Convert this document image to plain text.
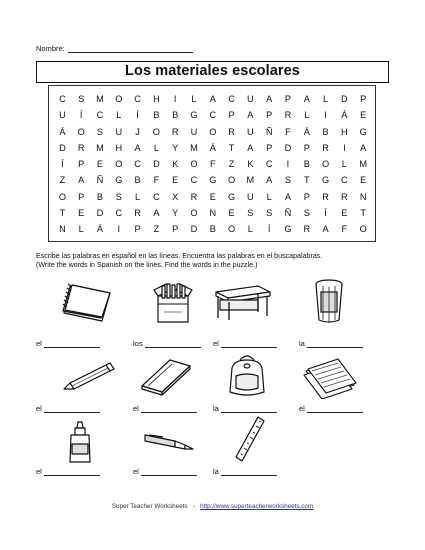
Nombre:
Los materiales escolares
C	S	M	O	C	H	I	L	A	C	U	A	P	A	L	D	P
U	Í	C	L	Í	B	B	G	C	P	A	P	R	L	I	Á	E
Á	O	S	U	J	O	R	U	O	R	U	Ñ	F	Á	B	H	G
D	R	M	H	A	L	Y	M	Á	T	A	P	D	P	R	I	A
Í	P	E	O	C	D	K	O	F	Z	K	C	I	B	O	L	M
Z	A	Ñ	G	B	F	E	C	G	O	M	A	S	T	G	C	E
O	P	B	S	L	C	X	R	E	G	U	L	A	P	R	R	N
T	E	D	C	R	A	Y	O	N	E	S	S	Ñ	S	Í	E	T
N	L	Á	I	P	Z	P	D	B	O	L	Í	G	R	A	F	O
Escribe las palabras en español en las líneas. Encuentra las palabras en el buscapalabras.
(Write the words in Spanish on the lines. Find the words in the puzzle.)
el	los	el	la
el	el	la	el
el	el	la
Super Teacher Worksheets - http://www.superteacherworksheets.com
